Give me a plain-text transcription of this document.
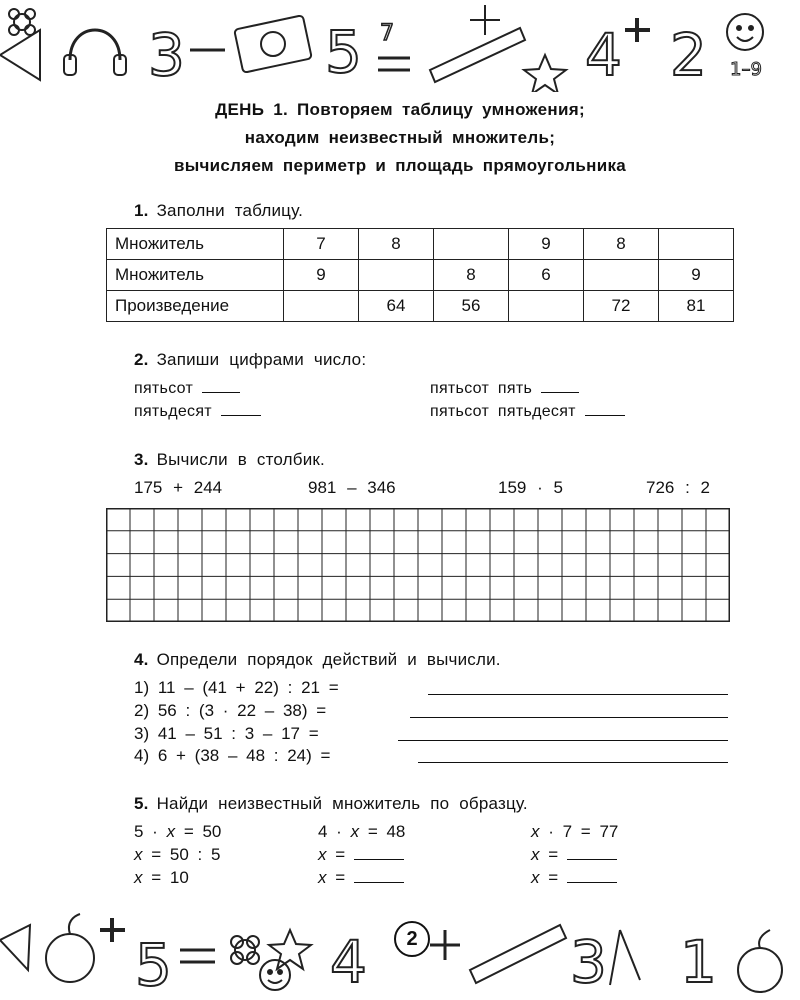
3 5 7	4 2 1–9
ДЕНЬ 1. Повторяем таблицу умножения;
находим неизвестный множитель;
вычисляем периметр и площадь прямоугольника
1. Заполни таблицу.
Множитель	7	8		9	8	
Множитель	9		8	6		9
Произведение		64	56		72	81
2. Запиши цифрами число:
пятьсот
пятьдесят
пятьсот пять
пятьсот пятьдесят
3. Вычисли в столбик.
175 + 244	981 – 346	159 · 5	726 : 2
4. Определи порядок действий и вычисли.
1) 11 – (41 + 22) : 21 =
2) 56 : (3 · 22 – 38) =
3) 41 – 51 : 3 – 17 =
4) 6 + (38 – 48 : 24) =
5. Найди неизвестный множитель по образцу.
5 · x = 50
x = 50 : 5
x = 10
4 · x = 48
x =
x =
x · 7 = 77
x =
x =
5	4	3 1
2
